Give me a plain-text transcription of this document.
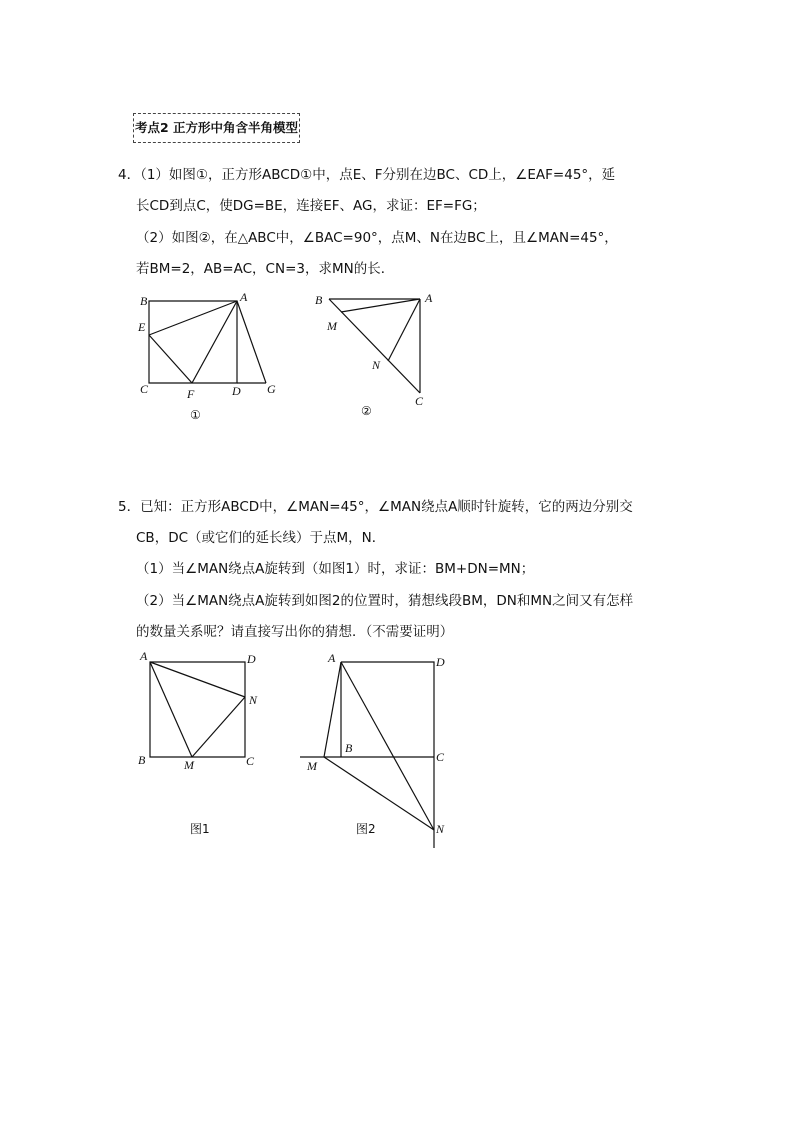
考点2 正方形中角含半角模型
4．（1）如图①，正方形ABCD①中，点E、F分别在边BC、CD上，∠EAF=45°，延
长CD到点C，使DG=BE，连接EF、AG，求证：EF=FG；
（2）如图②，在△ABC中，∠BAC=90°，点M、N在边BC上，且∠MAN=45°，
若BM=2，AB=AC，CN=3，求MN的长．
B	A
E
C	F	D G
①
B	A
M
N
C
②
5．已知：正方形ABCD中，∠MAN=45°，∠MAN绕点A顺时针旋转，它的两边分别交
CB，DC（或它们的延长线）于点M，N．
（1）当∠MAN绕点A旋转到（如图1）时，求证：BM+DN=MN；
（2）当∠MAN绕点A旋转到如图2的位置时，猜想线段BM，DN和MN之间又有怎样
的数量关系呢？请直接写出你的猜想．（不需要证明）
A	D
N
B	M	C
图1
A	D
B
C
M
N
图2
